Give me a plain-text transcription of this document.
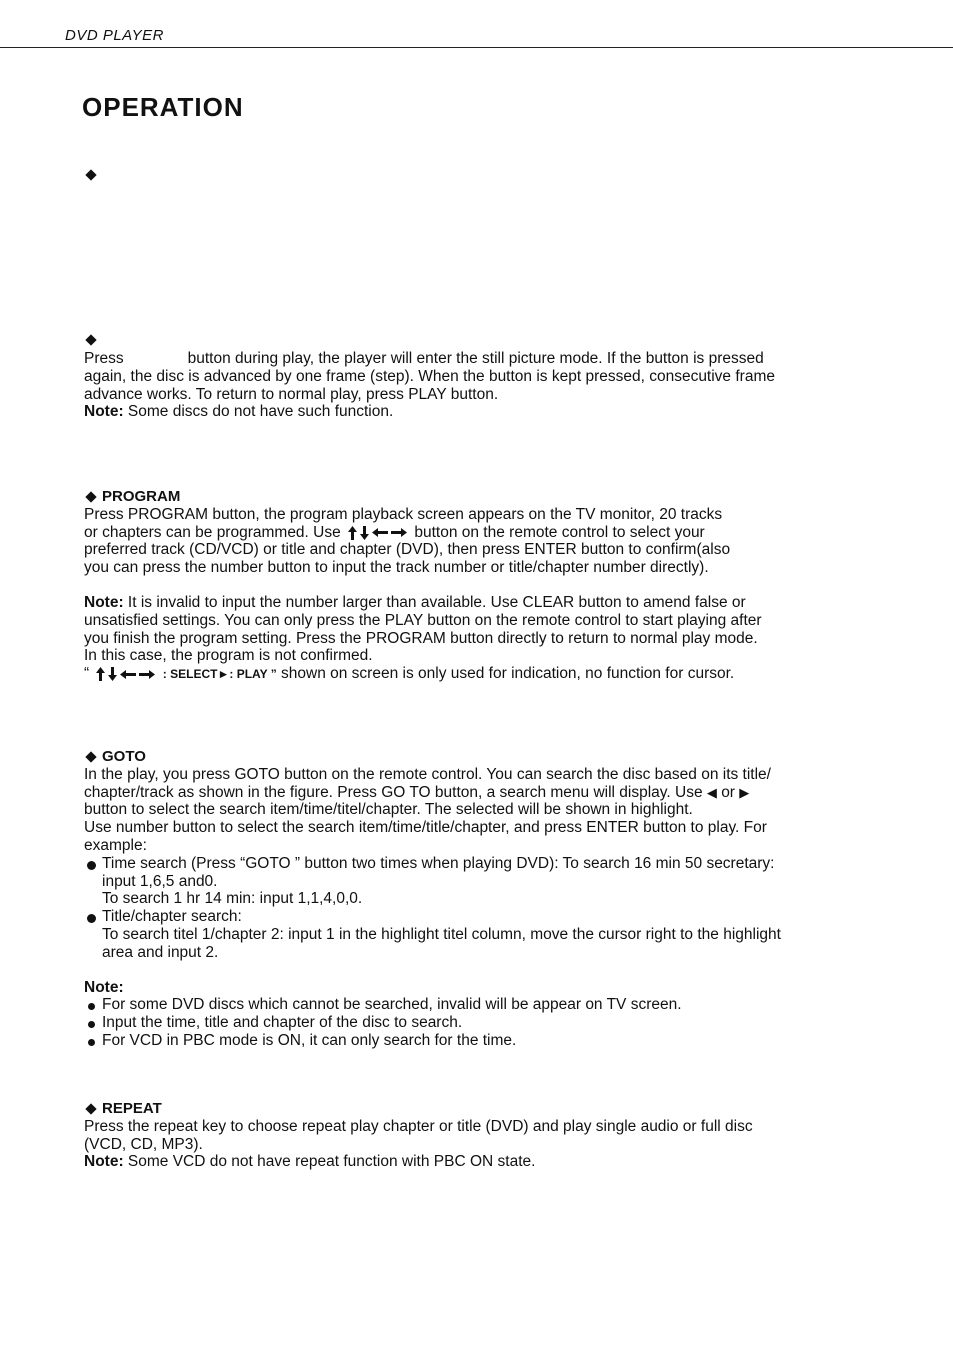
DVD PLAYER
OPERATION
Press	button during play, the player will enter the still picture mode. If the button is pressed
again, the disc is advanced by one frame (step). When the button is kept pressed, consecutive frame
advance works. To return to normal play, press PLAY button.
Note: Some discs do not have such function.
PROGRAM
Press PROGRAM button, the program playback screen appears on the TV monitor, 20 tracks
or chapters can be programmed. Use	button on the remote control to select your
preferred track (CD/VCD) or title and chapter (DVD), then press ENTER button to confirm(also
you can press the number button to input the track number or title/chapter number directly).
Note: It is invalid to input the number larger than available. Use CLEAR button to amend false or
unsatisfied settings. You can only press the PLAY button on the remote control to start playing after
you finish the program setting. Press the PROGRAM button directly to return to normal play mode.
In this case, the program is not confirmed.
“	: SELECT►: PLAY ” shown on screen is only used for indication, no function for cursor.
GOTO
In the play, you press GOTO button on the remote control. You can search the disc based on its title/
chapter/track as shown in the figure. Press GO TO button, a search menu will display. Use ◀ or ▶
button to select the search item/time/titel/chapter. The selected will be shown in highlight.
Use number button to select the search item/time/title/chapter, and press ENTER button to play. For
example:
Time search (Press “GOTO ” button two times when playing DVD): To search 16 min 50 secretary:
input 1,6,5 and0.
To search 1 hr 14 min: input 1,1,4,0,0.
Title/chapter search:
To search titel 1/chapter 2: input 1 in the highlight titel column, move the cursor right to the highlight
area and input 2.
Note:
For some DVD discs which cannot be searched, invalid will be appear on TV screen.
Input the time, title and chapter of the disc to search.
For VCD in PBC mode is ON, it can only search for the time.
REPEAT
Press the repeat key to choose repeat play chapter or title (DVD) and play single audio or full disc
(VCD, CD, MP3).
Note: Some VCD do not have repeat function with PBC ON state.
